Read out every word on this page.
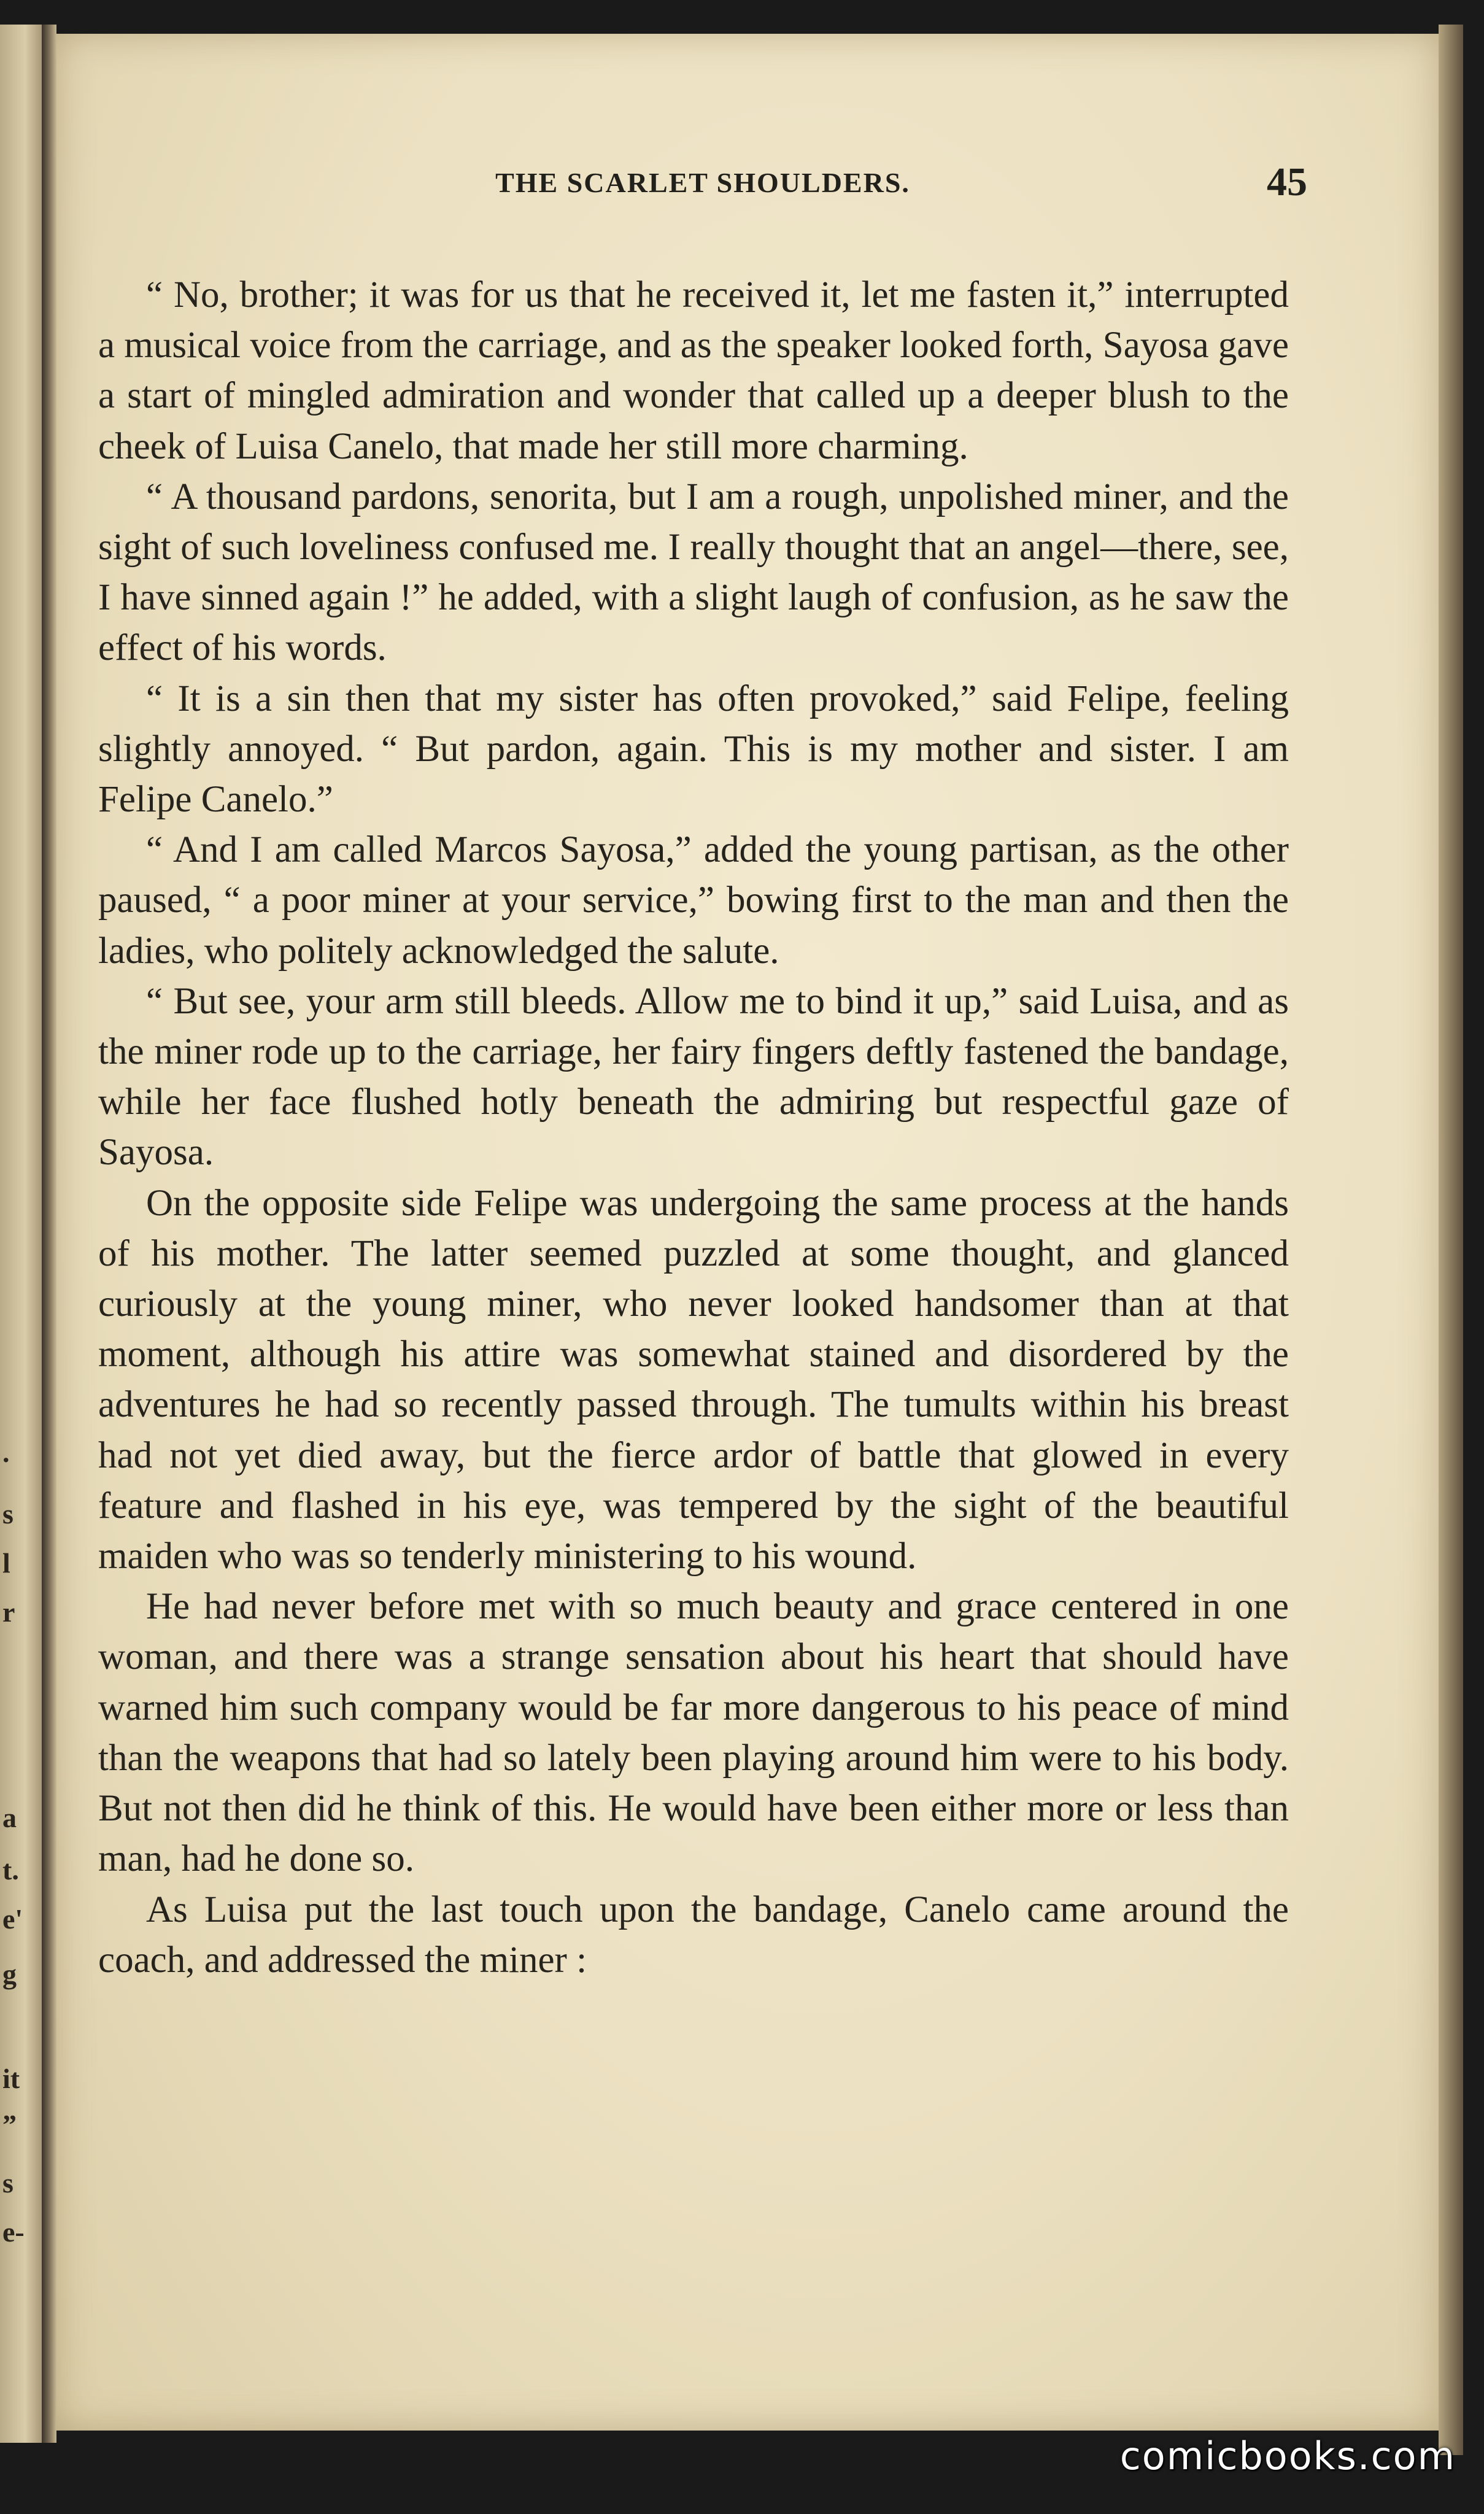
.
s
l
r
a
t.
e'
g
it
”
s
e-
THE SCARLET SHOULDERS.	45

“ No, brother; it was for us that he received it, let me fasten it,” interrupted a musical voice from the carriage, and as the speaker looked forth, Sayosa gave a start of mingled admiration and wonder that called up a deeper blush to the cheek of Luisa Canelo, that made her still more charming.

“ A thousand pardons, senorita, but I am a rough, unpolished miner, and the sight of such loveliness confused me. I really thought that an angel—there, see, I have sinned again !” he added, with a slight laugh of confusion, as he saw the effect of his words.

“ It is a sin then that my sister has often provoked,” said Felipe, feeling slightly annoyed. “ But pardon, again. This is my mother and sister. I am Felipe Canelo.”

“ And I am called Marcos Sayosa,” added the young partisan, as the other paused, “ a poor miner at your service,” bowing first to the man and then the ladies, who politely acknowledged the salute.

“ But see, your arm still bleeds. Allow me to bind it up,” said Luisa, and as the miner rode up to the carriage, her fairy fingers deftly fastened the bandage, while her face flushed hotly beneath the admiring but respectful gaze of Sayosa.

On the opposite side Felipe was undergoing the same process at the hands of his mother. The latter seemed puzzled at some thought, and glanced curiously at the young miner, who never looked handsomer than at that moment, although his attire was somewhat stained and disordered by the adventures he had so recently passed through. The tumults within his breast had not yet died away, but the fierce ardor of battle that glowed in every feature and flashed in his eye, was tempered by the sight of the beautiful maiden who was so tenderly ministering to his wound.

He had never before met with so much beauty and grace centered in one woman, and there was a strange sensation about his heart that should have warned him such company would be far more dangerous to his peace of mind than the weapons that had so lately been playing around him were to his body. But not then did he think of this. He would have been either more or less than man, had he done so.

As Luisa put the last touch upon the bandage, Canelo came around the coach, and addressed the miner :

comicbooks.com
